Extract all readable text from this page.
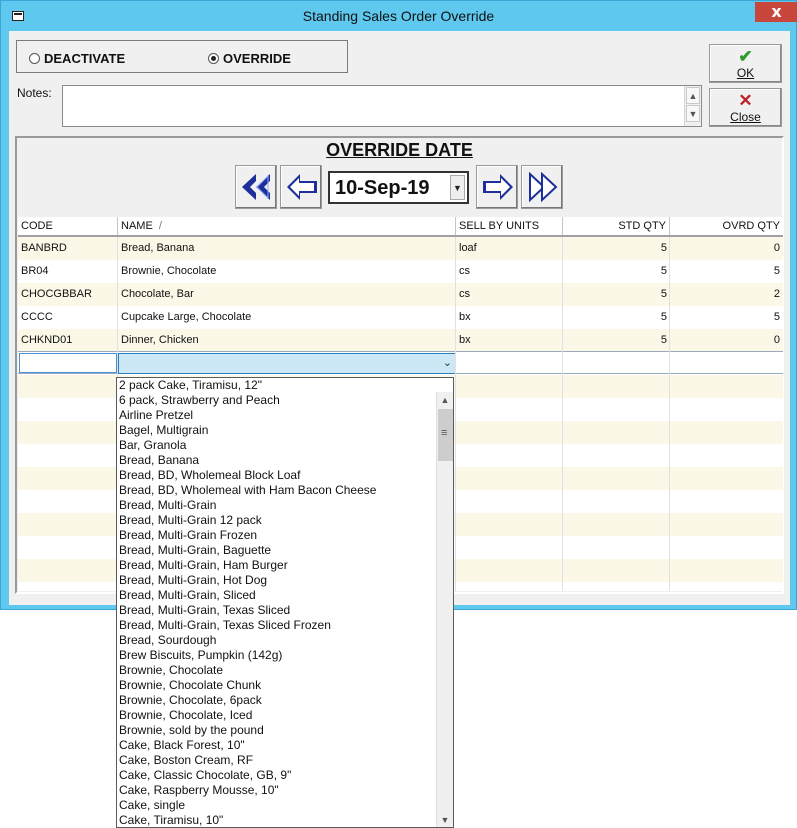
Standing Sales Order Override	x
DEACTIVATE	OVERRIDE	✔
OK
✕
Close
Notes:	▲
▼
OVERRIDE DATE
10-Sep-19	▼
CODE	NAME /	SELL BY UNITS	STD QTY	OVRD QTY
BANBRD	Bread, Banana	loaf	5	0
BR04	Brownie, Chocolate	cs	5	5
CHOCGBBAR	Chocolate, Bar	cs	5	2
CCCC	Cupcake Large, Chocolate	bx	5	5
CHKND01	Dinner, Chicken	bx	5	0
⌄
2 pack Cake, Tiramisu, 12"
6 pack, Strawberry and Peach
Airline Pretzel
Bagel, Multigrain
Bar, Granola
Bread, Banana
Bread, BD, Wholemeal Block Loaf
Bread, BD, Wholemeal with Ham Bacon Cheese
Bread, Multi-Grain
Bread, Multi-Grain 12 pack
Bread, Multi-Grain Frozen
Bread, Multi-Grain, Baguette
Bread, Multi-Grain, Ham Burger
Bread, Multi-Grain, Hot Dog
Bread, Multi-Grain, Sliced
Bread, Multi-Grain, Texas Sliced
Bread, Multi-Grain, Texas Sliced Frozen
Bread, Sourdough
Brew Biscuits, Pumpkin (142g)
Brownie, Chocolate
Brownie, Chocolate Chunk
Brownie, Chocolate, 6pack
Brownie, Chocolate, Iced
Brownie, sold by the pound
Cake, Black Forest, 10"
Cake, Boston Cream, RF
Cake, Classic Chocolate, GB, 9"
Cake, Raspberry Mousse, 10"
Cake, single
Cake, Tiramisu, 10"
▲
≡
▼
